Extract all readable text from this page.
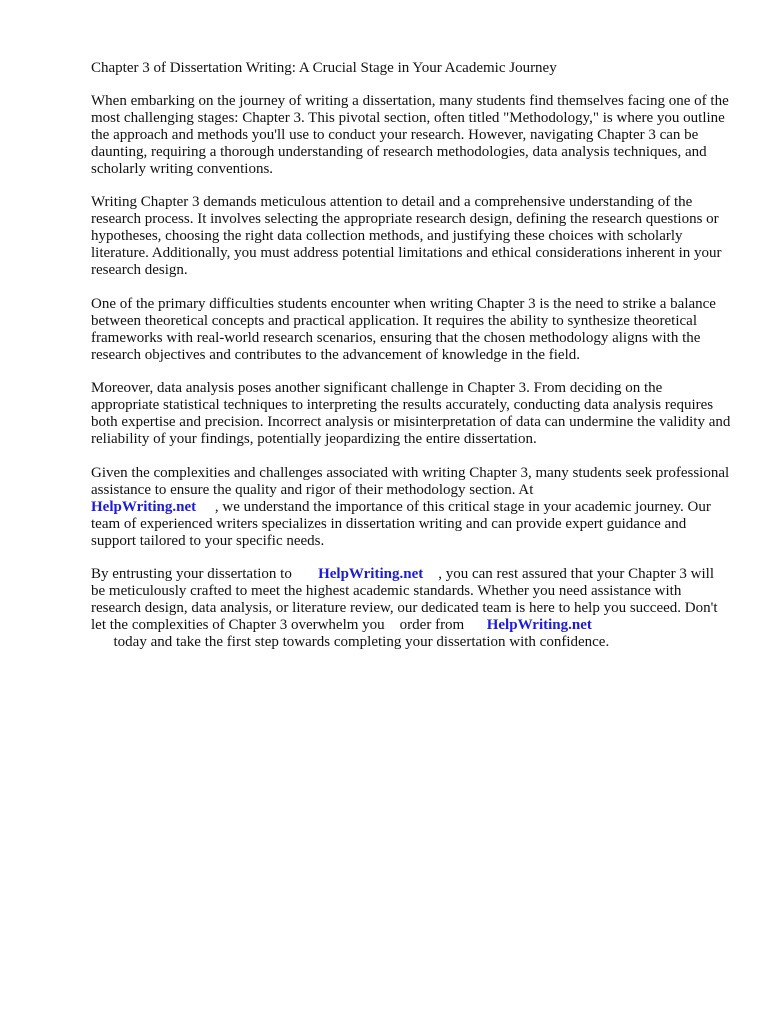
Chapter 3 of Dissertation Writing: A Crucial Stage in Your Academic Journey

When embarking on the journey of writing a dissertation, many students find themselves facing one of the most challenging stages: Chapter 3. This pivotal section, often titled "Methodology," is where you outline the approach and methods you'll use to conduct your research. However, navigating Chapter 3 can be daunting, requiring a thorough understanding of research methodologies, data analysis techniques, and scholarly writing conventions.

Writing Chapter 3 demands meticulous attention to detail and a comprehensive understanding of the research process. It involves selecting the appropriate research design, defining the research questions or hypotheses, choosing the right data collection methods, and justifying these choices with scholarly literature. Additionally, you must address potential limitations and ethical considerations inherent in your research design.

One of the primary difficulties students encounter when writing Chapter 3 is the need to strike a balance between theoretical concepts and practical application. It requires the ability to synthesize theoretical frameworks with real-world research scenarios, ensuring that the chosen methodology aligns with the research objectives and contributes to the advancement of knowledge in the field.

Moreover, data analysis poses another significant challenge in Chapter 3. From deciding on the appropriate statistical techniques to interpreting the results accurately, conducting data analysis requires both expertise and precision. Incorrect analysis or misinterpretation of data can undermine the validity and reliability of your findings, potentially jeopardizing the entire dissertation.

Given the complexities and challenges associated with writing Chapter 3, many students seek professional assistance to ensure the quality and rigor of their methodology section. At
HelpWriting.net , we understand the importance of this critical stage in your academic journey. Our team of experienced writers specializes in dissertation writing and can provide expert guidance and support tailored to your specific needs.

By entrusting your dissertation to HelpWriting.net , you can rest assured that your Chapter 3 will be meticulously crafted to meet the highest academic standards. Whether you need assistance with research design, data analysis, or literature review, our dedicated team is here to help you succeed. Don't let the complexities of Chapter 3 overwhelm you order from HelpWriting.net
today and take the first step towards completing your dissertation with confidence.
